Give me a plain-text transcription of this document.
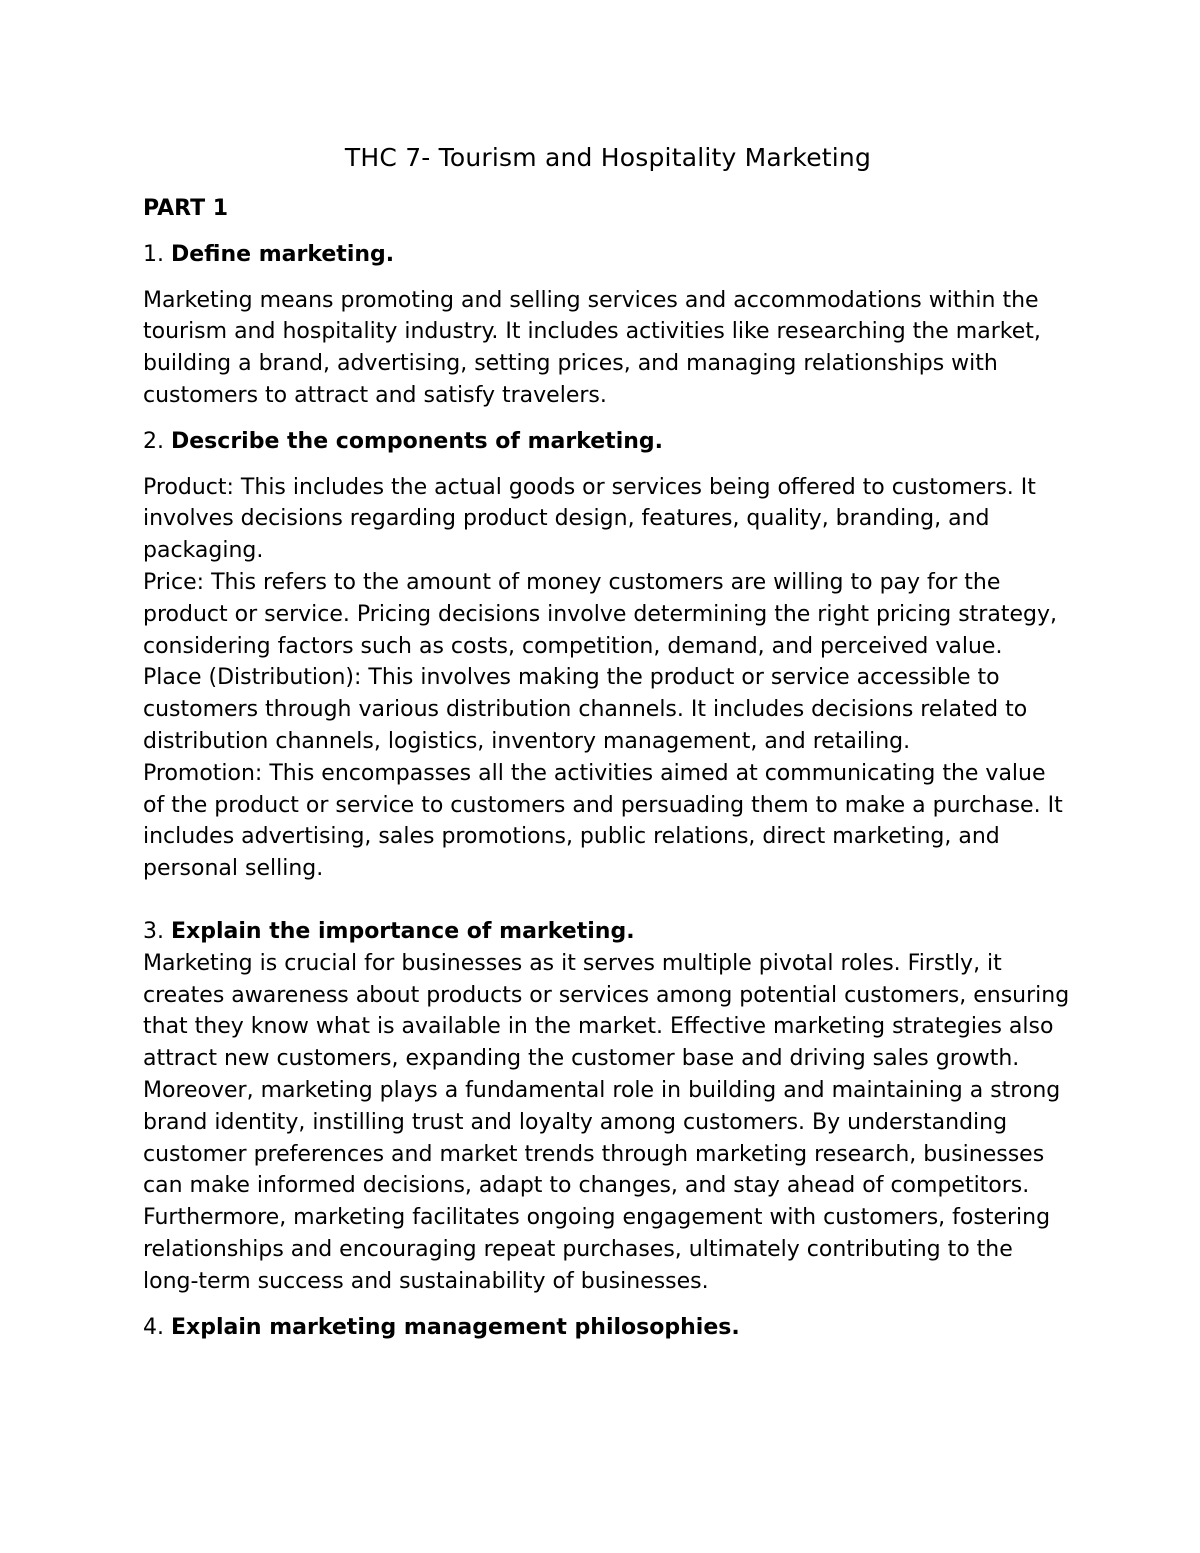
THC 7- Tourism and Hospitality Marketing
PART 1
1. Define marketing.
Marketing means promoting and selling services and accommodations within the tourism and hospitality industry. It includes activities like researching the market, building a brand, advertising, setting prices, and managing relationships with customers to attract and satisfy travelers.
2. Describe the components of marketing.
Product: This includes the actual goods or services being offered to customers. It involves decisions regarding product design, features, quality, branding, and packaging.
Price: This refers to the amount of money customers are willing to pay for the product or service. Pricing decisions involve determining the right pricing strategy, considering factors such as costs, competition, demand, and perceived value.
Place (Distribution): This involves making the product or service accessible to customers through various distribution channels. It includes decisions related to distribution channels, logistics, inventory management, and retailing.
Promotion: This encompasses all the activities aimed at communicating the value of the product or service to customers and persuading them to make a purchase. It includes advertising, sales promotions, public relations, direct marketing, and personal selling.
3. Explain the importance of marketing.
Marketing is crucial for businesses as it serves multiple pivotal roles. Firstly, it creates awareness about products or services among potential customers, ensuring that they know what is available in the market. Effective marketing strategies also attract new customers, expanding the customer base and driving sales growth. Moreover, marketing plays a fundamental role in building and maintaining a strong brand identity, instilling trust and loyalty among customers. By understanding customer preferences and market trends through marketing research, businesses can make informed decisions, adapt to changes, and stay ahead of competitors. Furthermore, marketing facilitates ongoing engagement with customers, fostering relationships and encouraging repeat purchases, ultimately contributing to the long-term success and sustainability of businesses.
4. Explain marketing management philosophies.
